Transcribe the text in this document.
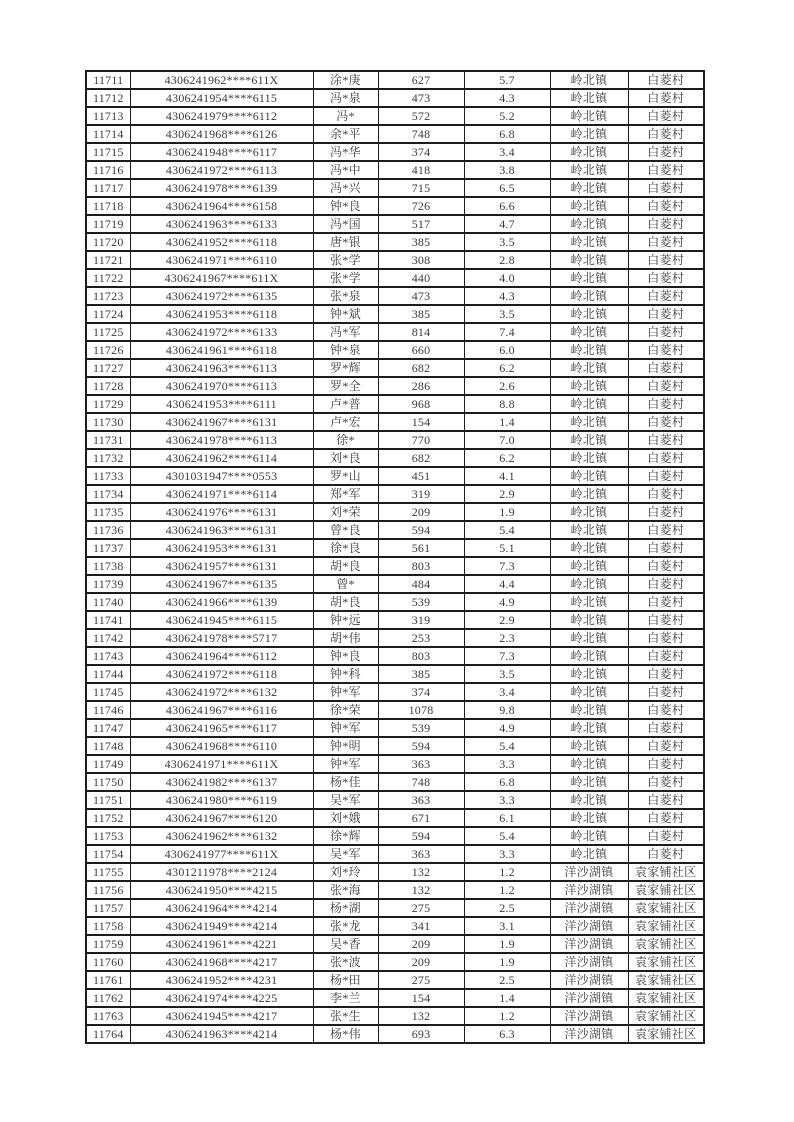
11711	4306241962****611X	涂*庚	627	5.7	岭北镇	白菱村
11712	4306241954****6115	冯*泉	473	4.3	岭北镇	白菱村
11713	4306241979****6112	冯*	572	5.2	岭北镇	白菱村
11714	4306241968****6126	余*平	748	6.8	岭北镇	白菱村
11715	4306241948****6117	冯*华	374	3.4	岭北镇	白菱村
11716	4306241972****6113	冯*中	418	3.8	岭北镇	白菱村
11717	4306241978****6139	冯*兴	715	6.5	岭北镇	白菱村
11718	4306241964****6158	钟*良	726	6.6	岭北镇	白菱村
11719	4306241963****6133	冯*国	517	4.7	岭北镇	白菱村
11720	4306241952****6118	唐*银	385	3.5	岭北镇	白菱村
11721	4306241971****6110	张*学	308	2.8	岭北镇	白菱村
11722	4306241967****611X	张*学	440	4.0	岭北镇	白菱村
11723	4306241972****6135	张*泉	473	4.3	岭北镇	白菱村
11724	4306241953****6118	钟*斌	385	3.5	岭北镇	白菱村
11725	4306241972****6133	冯*军	814	7.4	岭北镇	白菱村
11726	4306241961****6118	钟*泉	660	6.0	岭北镇	白菱村
11727	4306241963****6113	罗*辉	682	6.2	岭北镇	白菱村
11728	4306241970****6113	罗*全	286	2.6	岭北镇	白菱村
11729	4306241953****6111	卢*普	968	8.8	岭北镇	白菱村
11730	4306241967****6131	卢*宏	154	1.4	岭北镇	白菱村
11731	4306241978****6113	徐*	770	7.0	岭北镇	白菱村
11732	4306241962****6114	刘*良	682	6.2	岭北镇	白菱村
11733	4301031947****0553	罗*山	451	4.1	岭北镇	白菱村
11734	4306241971****6114	郑*军	319	2.9	岭北镇	白菱村
11735	4306241976****6131	刘*荣	209	1.9	岭北镇	白菱村
11736	4306241963****6131	曾*良	594	5.4	岭北镇	白菱村
11737	4306241953****6131	徐*良	561	5.1	岭北镇	白菱村
11738	4306241957****6131	胡*良	803	7.3	岭北镇	白菱村
11739	4306241967****6135	曾*	484	4.4	岭北镇	白菱村
11740	4306241966****6139	胡*良	539	4.9	岭北镇	白菱村
11741	4306241945****6115	钟*远	319	2.9	岭北镇	白菱村
11742	4306241978****5717	胡*伟	253	2.3	岭北镇	白菱村
11743	4306241964****6112	钟*良	803	7.3	岭北镇	白菱村
11744	4306241972****6118	钟*科	385	3.5	岭北镇	白菱村
11745	4306241972****6132	钟*军	374	3.4	岭北镇	白菱村
11746	4306241967****6116	徐*荣	1078	9.8	岭北镇	白菱村
11747	4306241965****6117	钟*军	539	4.9	岭北镇	白菱村
11748	4306241968****6110	钟*明	594	5.4	岭北镇	白菱村
11749	4306241971****611X	钟*军	363	3.3	岭北镇	白菱村
11750	4306241982****6137	杨*佳	748	6.8	岭北镇	白菱村
11751	4306241980****6119	吴*军	363	3.3	岭北镇	白菱村
11752	4306241967****6120	刘*娥	671	6.1	岭北镇	白菱村
11753	4306241962****6132	徐*辉	594	5.4	岭北镇	白菱村
11754	4306241977****611X	吴*军	363	3.3	岭北镇	白菱村
11755	4301211978****2124	刘*玲	132	1.2	洋沙湖镇	袁家铺社区
11756	4306241950****4215	张*海	132	1.2	洋沙湖镇	袁家铺社区
11757	4306241964****4214	杨*湖	275	2.5	洋沙湖镇	袁家铺社区
11758	4306241949****4214	张*龙	341	3.1	洋沙湖镇	袁家铺社区
11759	4306241961****4221	吴*香	209	1.9	洋沙湖镇	袁家铺社区
11760	4306241968****4217	张*波	209	1.9	洋沙湖镇	袁家铺社区
11761	4306241952****4231	杨*田	275	2.5	洋沙湖镇	袁家铺社区
11762	4306241974****4225	李*兰	154	1.4	洋沙湖镇	袁家铺社区
11763	4306241945****4217	张*生	132	1.2	洋沙湖镇	袁家铺社区
11764	4306241963****4214	杨*伟	693	6.3	洋沙湖镇	袁家铺社区
